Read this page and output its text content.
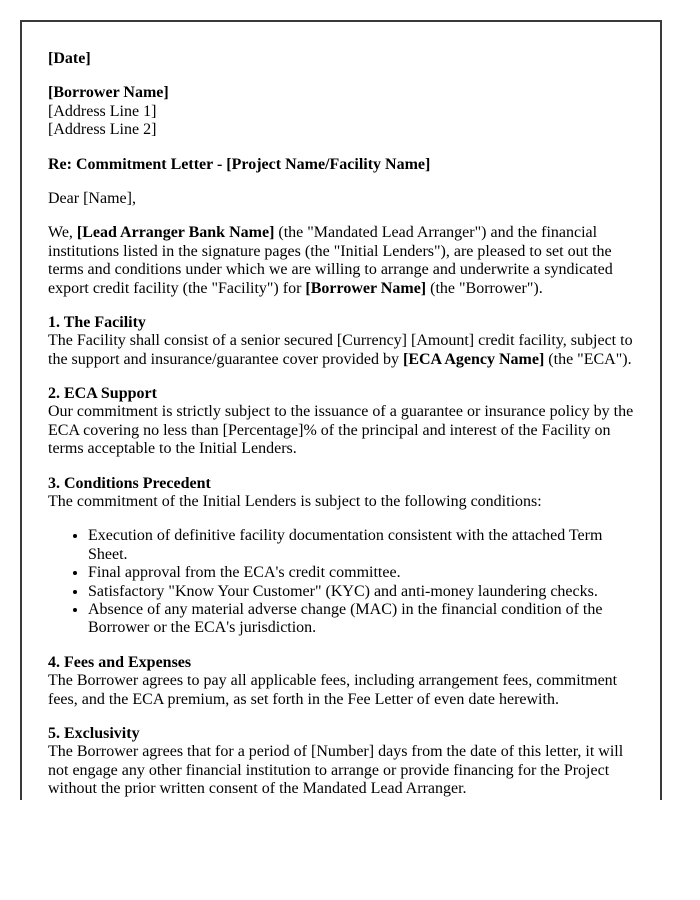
[Date]

[Borrower Name]
[Address Line 1]
[Address Line 2]

Re: Commitment Letter - [Project Name/Facility Name]

Dear [Name],

We, [Lead Arranger Bank Name] (the "Mandated Lead Arranger") and the financial institutions listed in the signature pages (the "Initial Lenders"), are pleased to set out the terms and conditions under which we are willing to arrange and underwrite a syndicated export credit facility (the "Facility") for [Borrower Name] (the "Borrower").

1. The Facility
The Facility shall consist of a senior secured [Currency] [Amount] credit facility, subject to the support and insurance/guarantee cover provided by [ECA Agency Name] (the "ECA").

2. ECA Support
Our commitment is strictly subject to the issuance of a guarantee or insurance policy by the ECA covering no less than [Percentage]% of the principal and interest of the Facility on terms acceptable to the Initial Lenders.

3. Conditions Precedent
The commitment of the Initial Lenders is subject to the following conditions:

• Execution of definitive facility documentation consistent with the attached Term Sheet.
• Final approval from the ECA's credit committee.
• Satisfactory "Know Your Customer" (KYC) and anti-money laundering checks.
• Absence of any material adverse change (MAC) in the financial condition of the Borrower or the ECA's jurisdiction.

4. Fees and Expenses
The Borrower agrees to pay all applicable fees, including arrangement fees, commitment fees, and the ECA premium, as set forth in the Fee Letter of even date herewith.

5. Exclusivity
The Borrower agrees that for a period of [Number] days from the date of this letter, it will not engage any other financial institution to arrange or provide financing for the Project without the prior written consent of the Mandated Lead Arranger.
